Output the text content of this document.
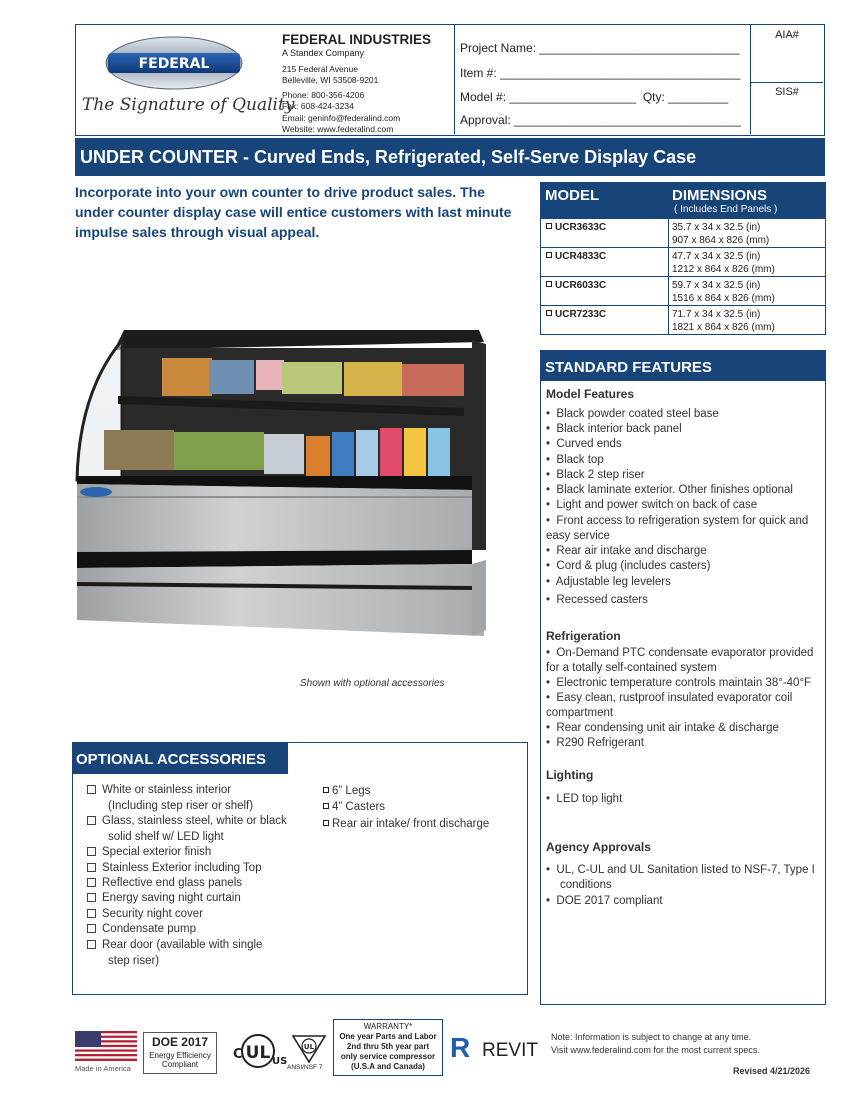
FEDERAL
The Signature of Quality
FEDERAL INDUSTRIES
A Standex Company
215 Federal Avenue
Belleville, WI 53508-9201
Phone: 800-356-4206
Fax: 608-424-3234
Email: geninfo@federalind.com
Website: www.federalind.com
Project Name: ______________________________
Item #: ____________________________________
Model #: ___________________  Qty: _________
Approval: __________________________________
AIA#
SIS#
UNDER COUNTER - Curved Ends, Refrigerated, Self-Serve Display Case
Incorporate into your own counter to drive product sales. The under counter display case will entice customers with last minute impulse sales through visual appeal.
MODEL	DIMENSIONS
( Includes End Panels )
UCR3633C	35.7 x 34 x 32.5 (in)
907 x 864 x 826 (mm)
UCR4833C	47.7 x 34 x 32.5 (in)
1212 x 864 x 826 (mm)
UCR6033C	59.7 x 34 x 32.5 (in)
1516 x 864 x 826 (mm)
UCR7233C	71.7 x 34 x 32.5 (in)
1821 x 864 x 826 (mm)
Shown with optional accessories
STANDARD FEATURES
Model Features
•  Black powder coated steel base
•  Black interior back panel
•  Curved ends
•  Black top
•  Black 2 step riser
•  Black laminate exterior. Other finishes optional
•  Light and power switch on back of case
•  Front access to refrigeration system for quick and
easy service
•  Rear air intake and discharge
•  Cord & plug (includes casters)
•  Adjustable leg levelers
•  Recessed casters
Refrigeration
•  On-Demand PTC condensate evaporator provided
for a totally self-contained system
•  Electronic temperature controls maintain 38°-40°F
•  Easy clean, rustproof insulated evaporator coil
compartment
•  Rear condensing unit air intake & discharge
•  R290 Refrigerant
Lighting
•  LED top light
Agency Approvals
•  UL, C-UL and UL Sanitation listed to NSF-7, Type I
conditions
•  DOE 2017 compliant
OPTIONAL ACCESSORIES
White or stainless interior
(Including step riser or shelf)
Glass, stainless steel, white or black
solid shelf w/ LED light
Special exterior finish
Stainless Exterior including Top
Reflective end glass panels
Energy saving night curtain
Security night cover
Condensate pump
Rear door (available with single
step riser)
6” Legs
4” Casters
Rear air intake/ front discharge
Made in America
DOE 2017
Energy Efficiency
Compliant
UL
C	US
UL
ANSI/NSF 7
WARRANTY*
One year Parts and Labor
2nd thru 5th year part
only service compressor
(U.S.A and Canada)
R REVIT
Note: Information is subject to change at any time.
Visit www.federalind.com for the most current specs.
Revised 4/21/2026
